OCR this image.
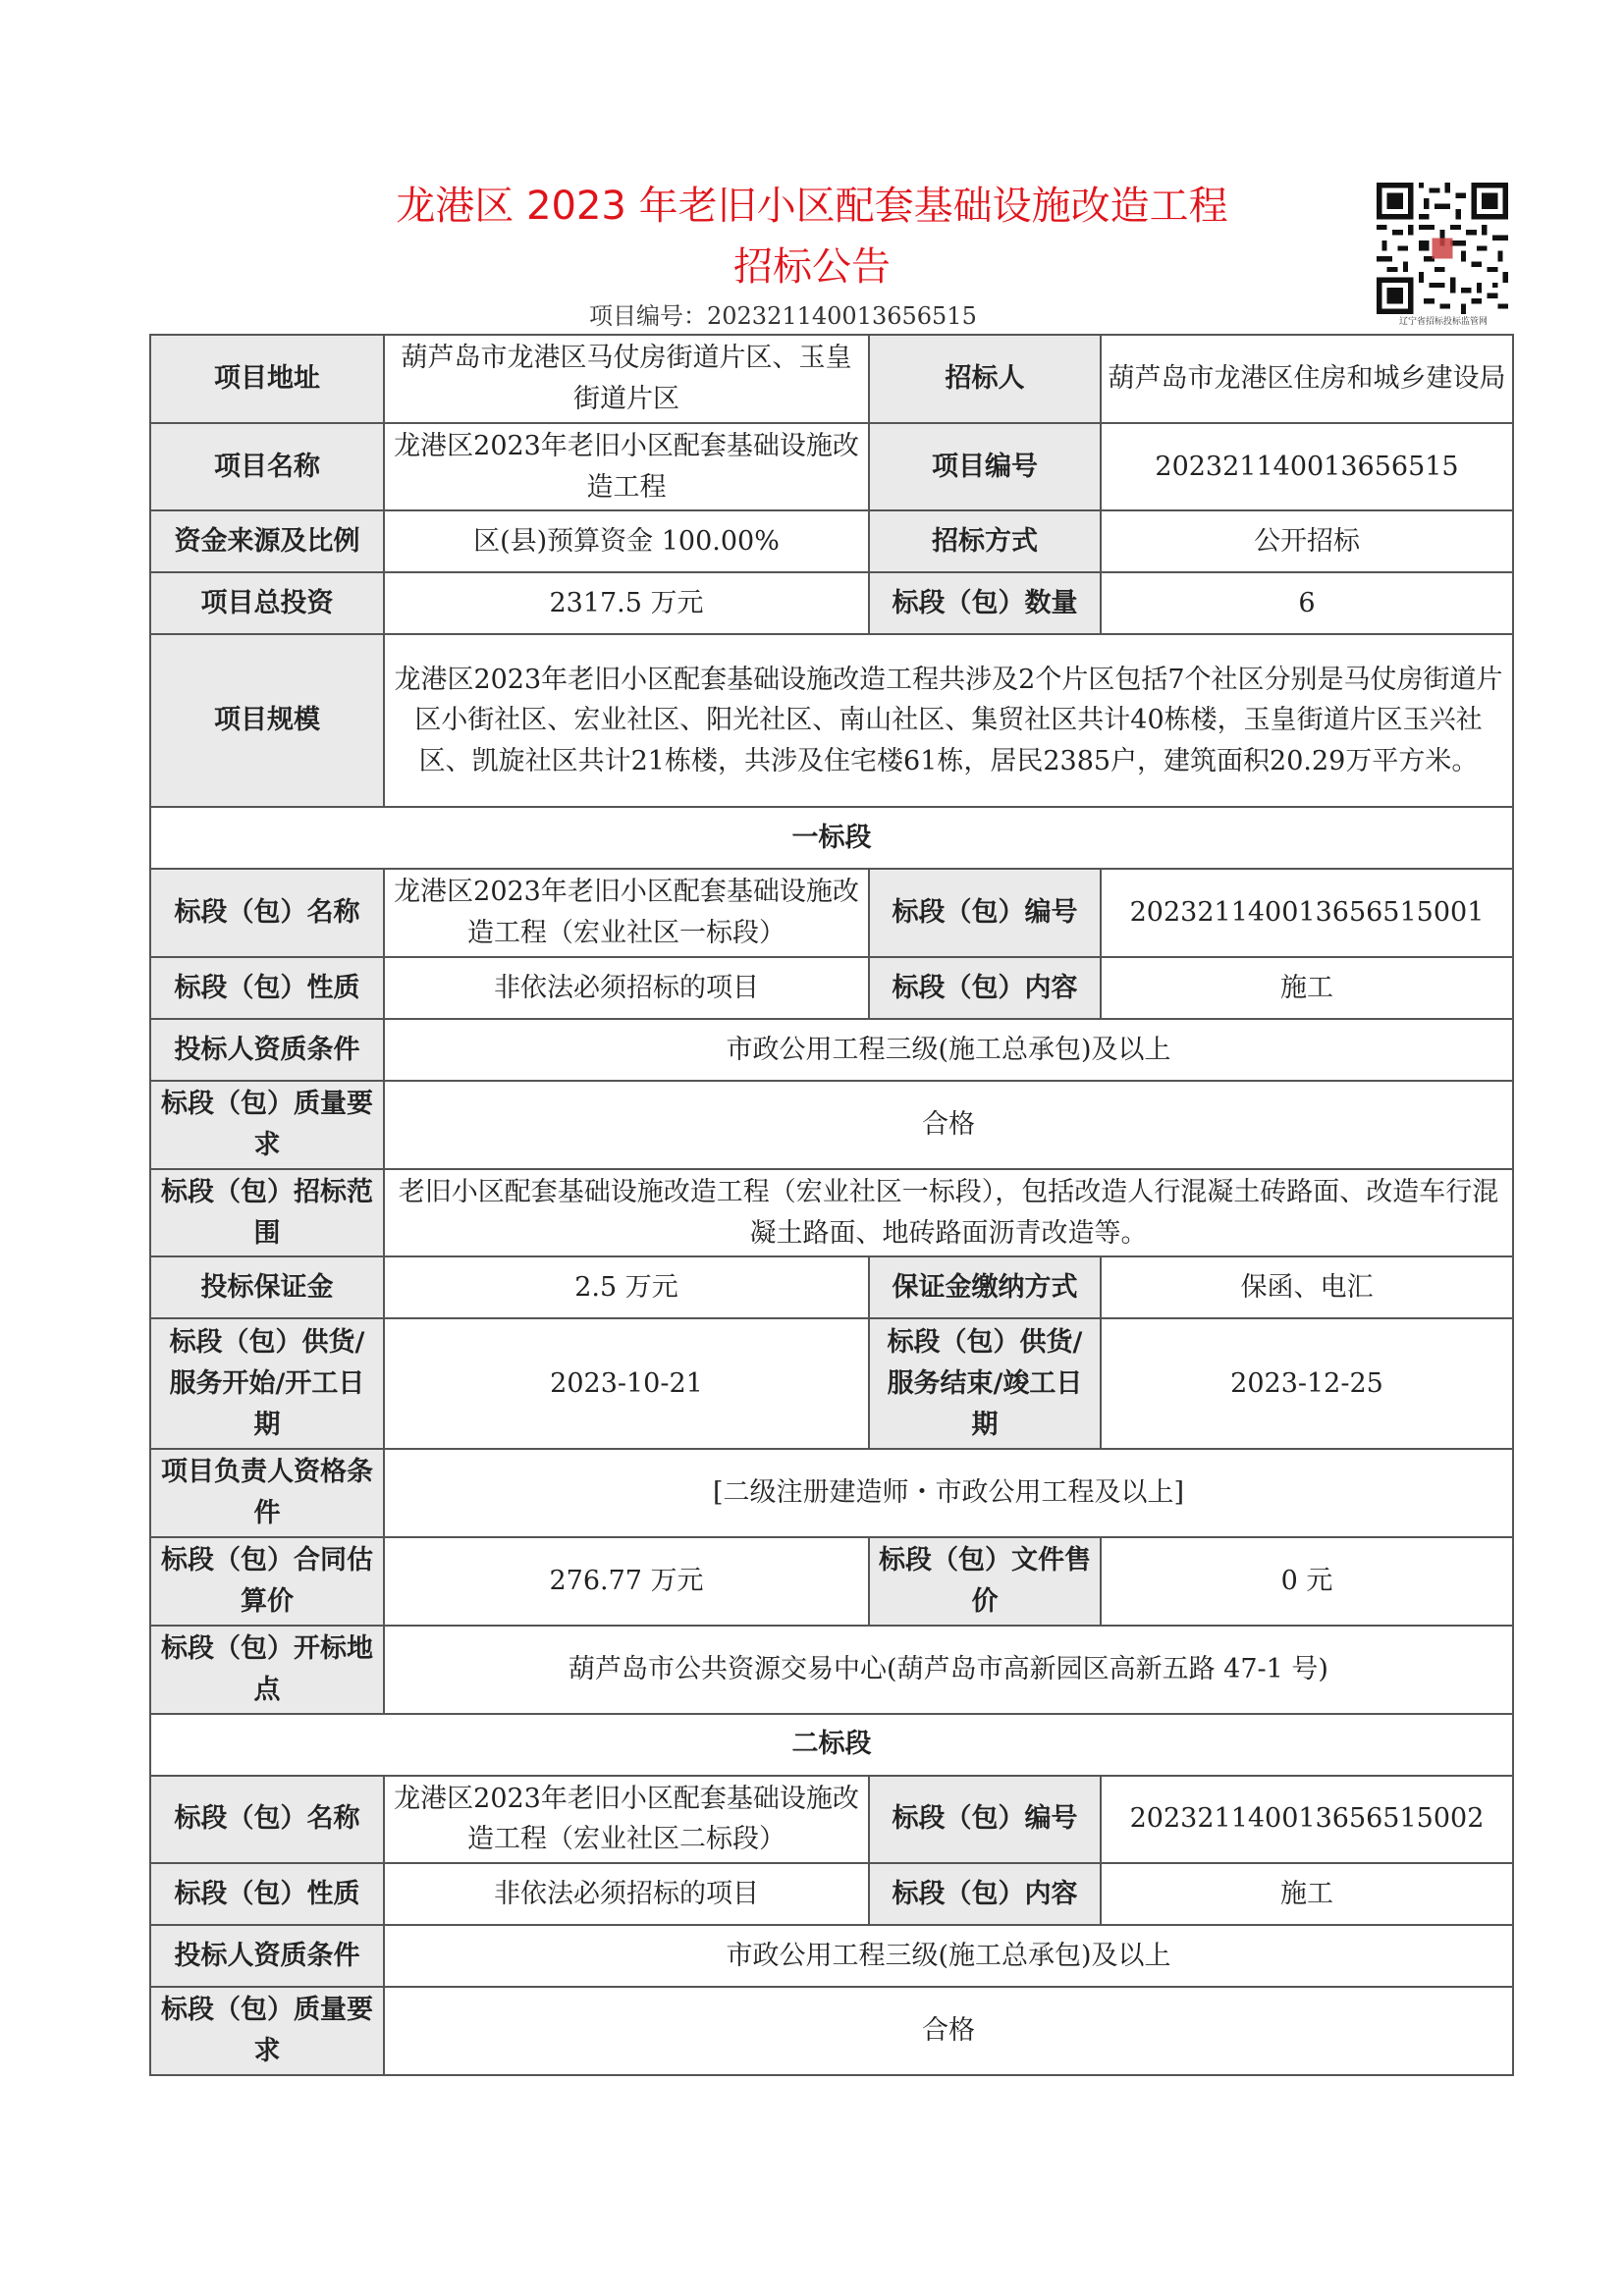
龙港区 2023 年老旧小区配套基础设施改造工程
招标公告
项目编号：202321140013656515	辽宁省招标投标监管网
项目地址	葫芦岛市龙港区马仗房街道片区、玉皇街道片区	招标人	葫芦岛市龙港区住房和城乡建设局
项目名称	龙港区2023年老旧小区配套基础设施改造工程	项目编号	202321140013656515
资金来源及比例	区(县)预算资金 100.00%	招标方式	公开招标
项目总投资	2317.5 万元	标段（包）数量	6
项目规模	龙港区2023年老旧小区配套基础设施改造工程共涉及2个片区包括7个社区分别是马仗房街道片区小街社区、宏业社区、阳光社区、南山社区、集贸社区共计40栋楼，玉皇街道片区玉兴社区、凯旋社区共计21栋楼，共涉及住宅楼61栋，居民2385户，建筑面积20.29万平方米。		
一标段			
标段（包）名称	龙港区2023年老旧小区配套基础设施改造工程（宏业社区一标段）	标段（包）编号	202321140013656515001
标段（包）性质	非依法必须招标的项目	标段（包）内容	施工
投标人资质条件	市政公用工程三级(施工总承包)及以上		
标段（包）质量要求	合格		
标段（包）招标范围	老旧小区配套基础设施改造工程（宏业社区一标段），包括改造人行混凝土砖路面、改造车行混凝土路面、地砖路面沥青改造等。		
投标保证金	2.5 万元	保证金缴纳方式	保函、电汇
标段（包）供货/服务开始/开工日期	2023-10-21	标段（包）供货/服务结束/竣工日期	2023-12-25
项目负责人资格条件	[二级注册建造师・市政公用工程及以上]		
标段（包）合同估算价	276.77 万元	标段（包）文件售价	0 元
标段（包）开标地点	葫芦岛市公共资源交易中心(葫芦岛市高新园区高新五路 47-1 号)		
二标段			
标段（包）名称	龙港区2023年老旧小区配套基础设施改造工程（宏业社区二标段）	标段（包）编号	202321140013656515002
标段（包）性质	非依法必须招标的项目	标段（包）内容	施工
投标人资质条件	市政公用工程三级(施工总承包)及以上		
标段（包）质量要求	合格		
